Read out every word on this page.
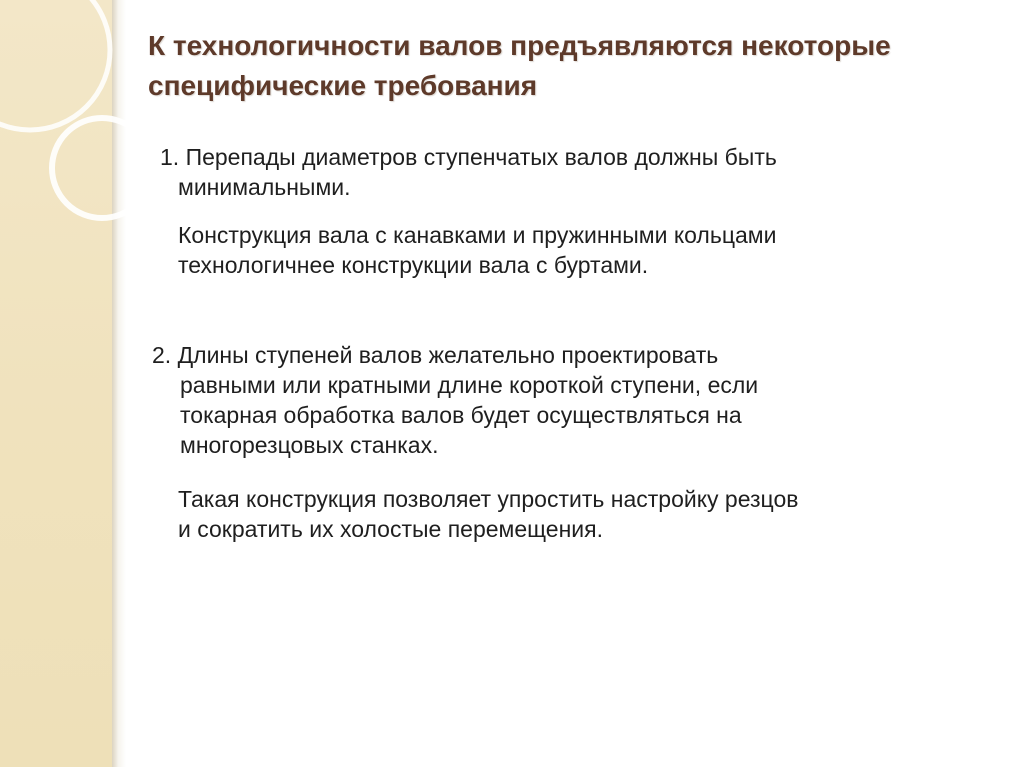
К технологичности валов предъявляются некоторые
специфические требования

1. Перепады диаметров ступенчатых валов должны быть
минимальными.

Конструкция вала с канавками и пружинными кольцами
технологичнее конструкции вала с буртами.

2. Длины ступеней валов желательно проектировать
равными или кратными длине короткой ступени, если
токарная обработка валов будет осуществляться на
многорезцовых станках.

Такая конструкция позволяет упростить настройку резцов
и сократить их холостые перемещения.
